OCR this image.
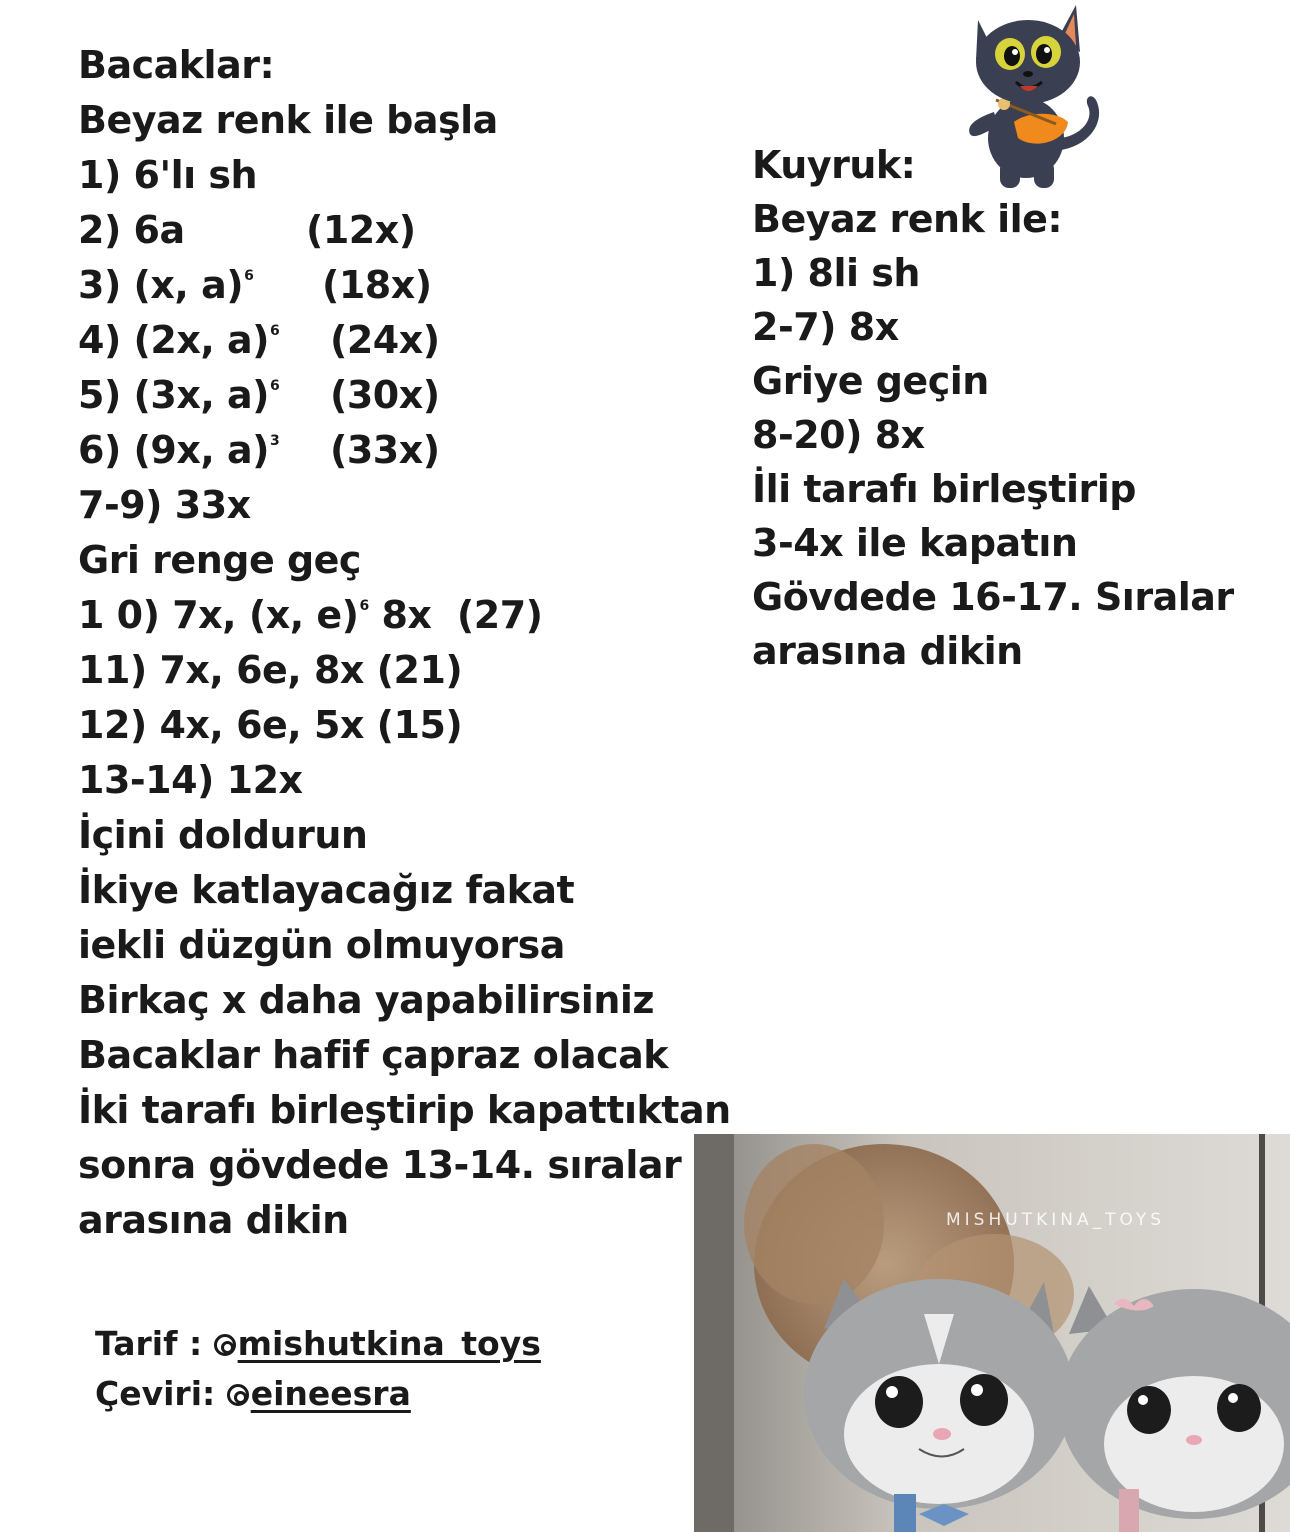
Bacaklar:
Beyaz renk ile başla
1) 6'lı sh
2) 6a	(12x)
3) (x, a)$^6$ (18x)
4) (2x, a)$^6$ (24x)
5) (3x, a)$^6$ (30x)
6) (9x, a)$^3$ (33x)
7-9) 33x
Gri renge geç
1 0) 7x, (x, e)$^6$ 8x (27)
11) 7x, 6e, 8x (21)
12) 4x, 6e, 5x (15)
13-14) 12x
İçini doldurun
İkiye katlayacağız fakat
iekli düzgün olmuyorsa
Birkaç x daha yapabilirsiniz
Bacaklar hafif çapraz olacak
İki tarafı birleştirip kapattıktan
sonra gövdede 13-14. sıralar
arasına dikin
Kuyruk:
Beyaz renk ile:
1) 8li sh
2-7) 8x
Griye geçin
8-20) 8x
İli tarafı birleştirip
3-4x ile kapatın
Gövdede 16-17. Sıralar
arasına dikin
Tarif : mishutkina_toys
Çeviri: eineesra
MISHUTKINA_TOYS
